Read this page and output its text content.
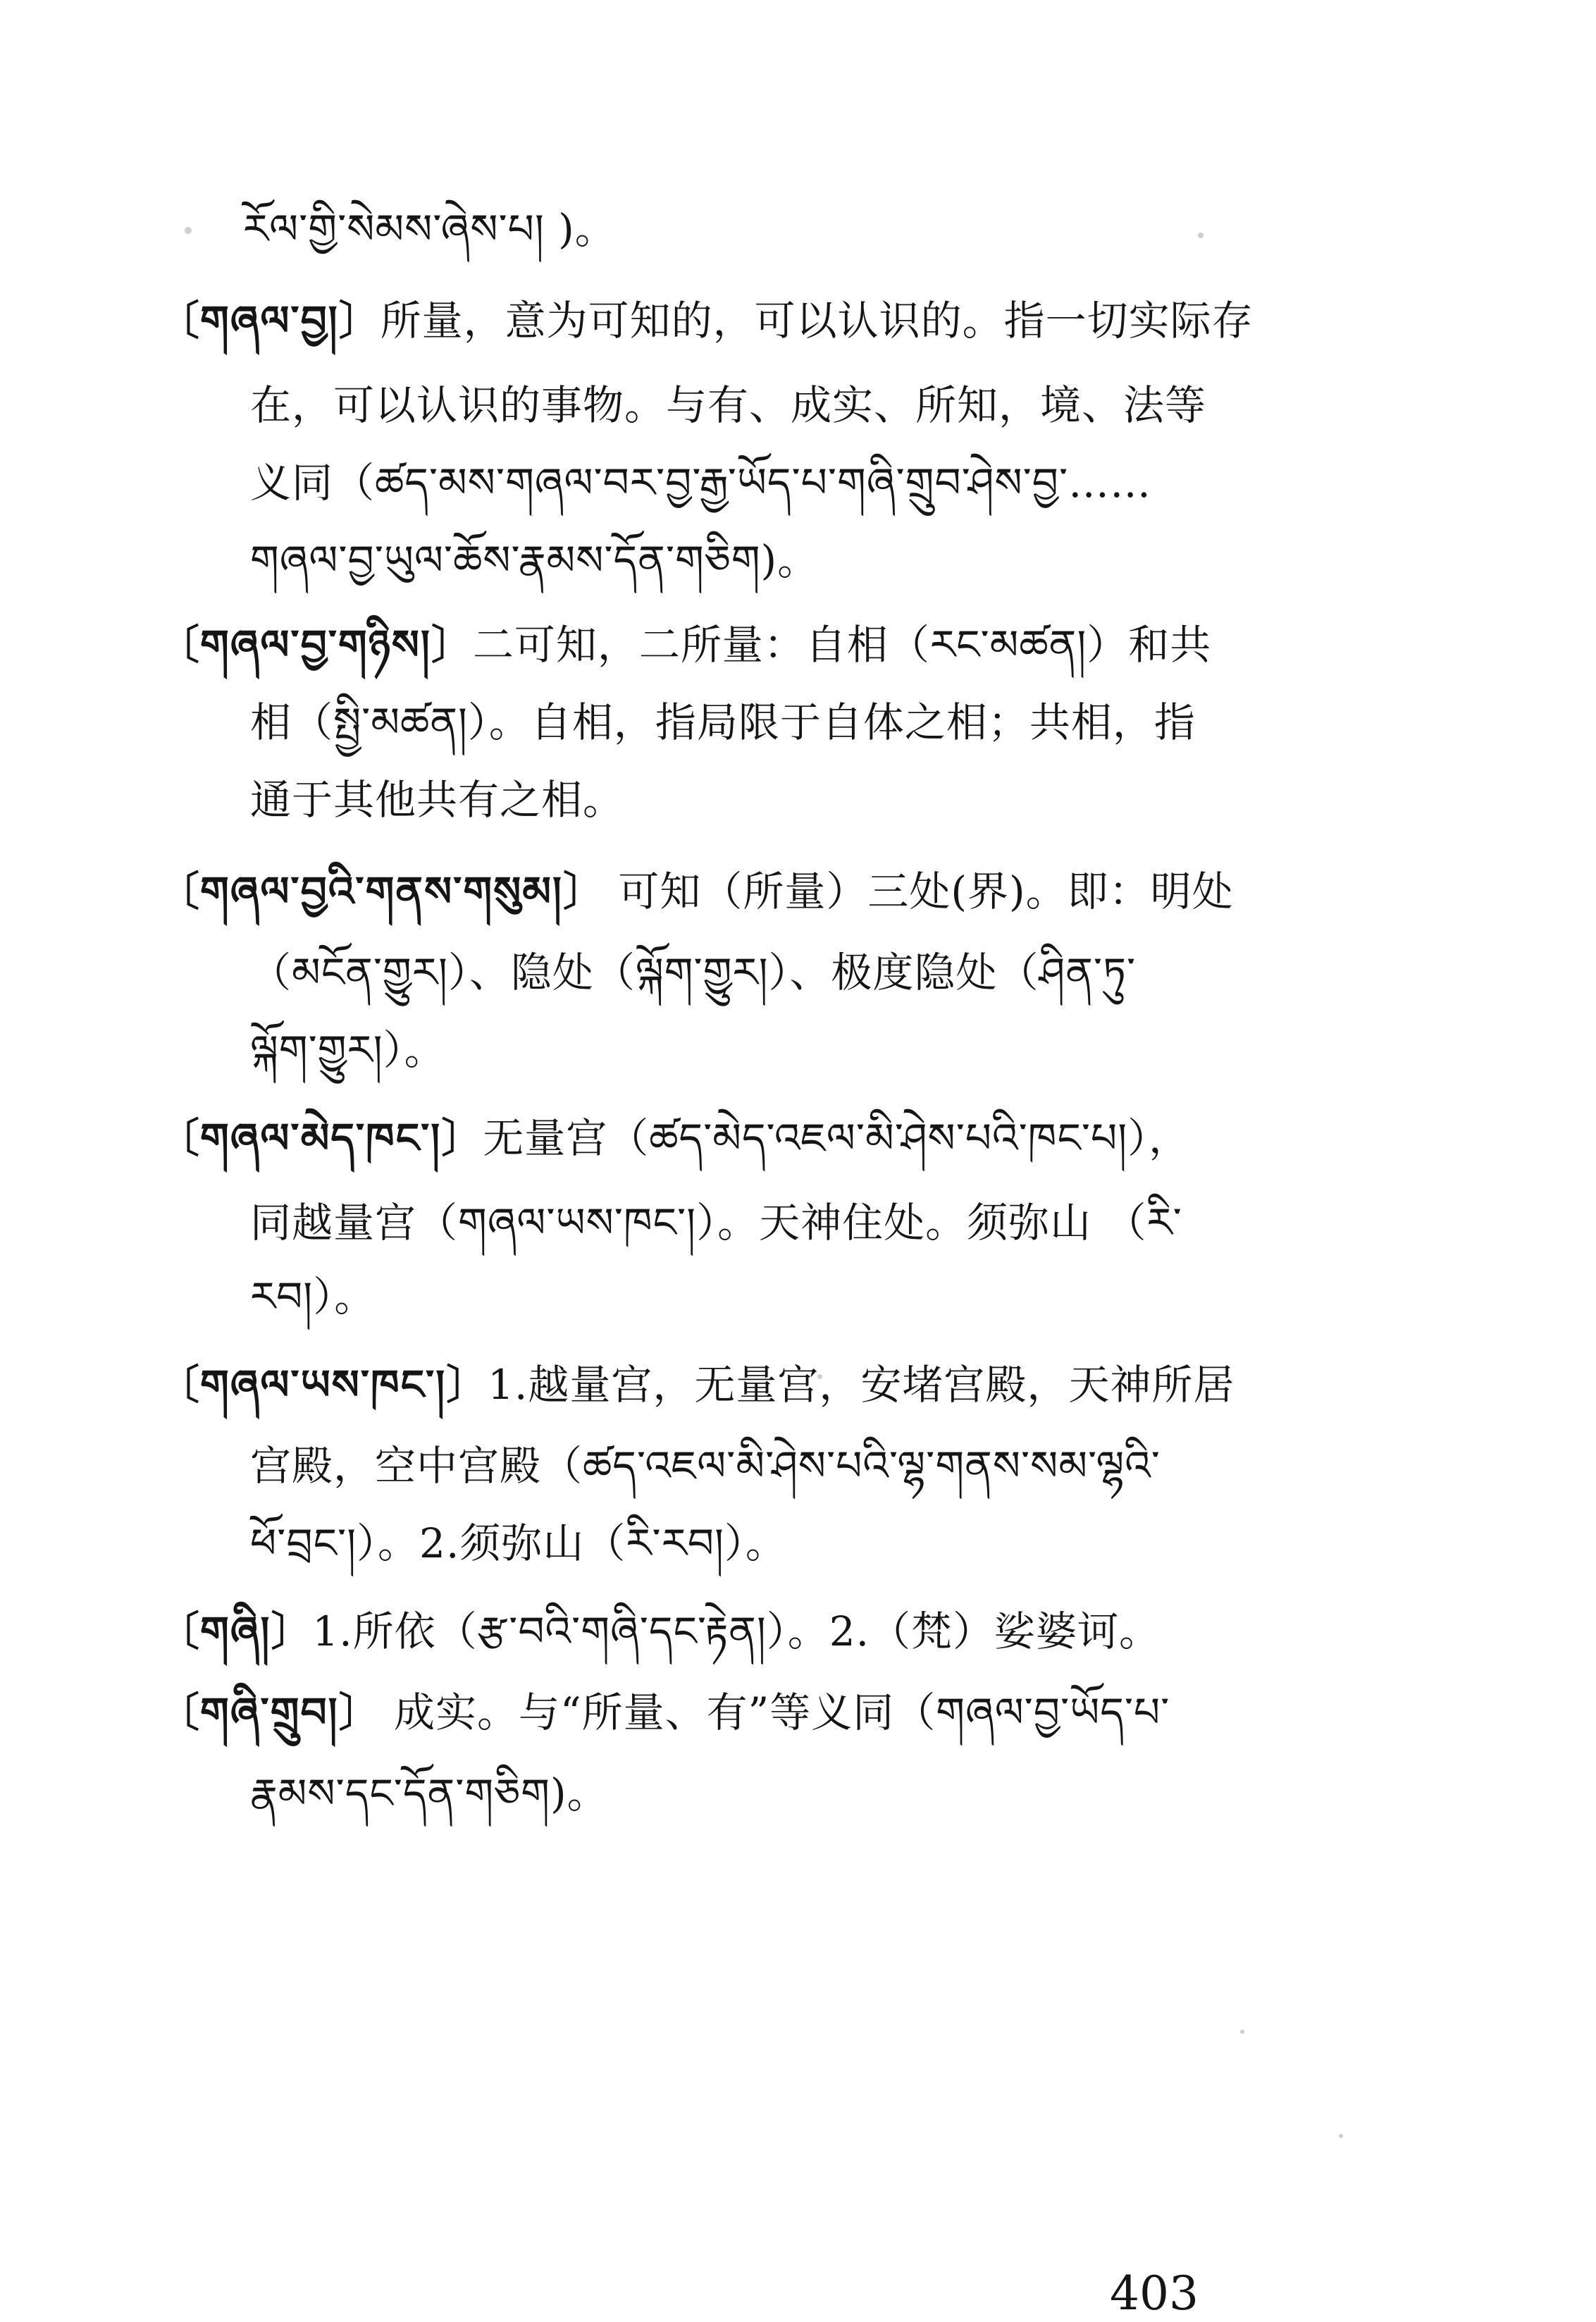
ཪོལ་གྱི་སེམས་ཞེས་པ། )。
〔གཞལ་བྱ།〕所量，意为可知的，可以认识的。指一切实际存
在，可以认识的事物。与有、成实、所知，境、法等
义同（ཚད་མས་གཞལ་བར་བྱ་རྒྱ་ཡོད་པ་གཞི་གྲུབ་ཤེས་བྱ་……
གཞལ་བྱ་ཡུལ་ཆོས་རྣམས་དོན་གཅིག)。
〔གཞལ་བྱ་གཉིས།〕二可知，二所量：自相（རང་མཚན།）和共
相（སྤྱི་མཚན།）。自相，指局限于自体之相；共相，指
通于其他共有之相。
〔གཞལ་བྱའི་གནས་གསུམ།〕 可知（所量）三处(界)。即：明处
（མངོན་གྱུར།）、隐处（ལྐོག་གྱུར།）、极度隐处（ཤིན་ཏུ་
ལྐོག་གྱུར།）。
〔གཞལ་མེད་ཁང་།〕无量宫（ཚད་མེད་འཇལ་མི་ཤེས་པའི་ཁང་པ།），
同越量宫（གཞལ་ཡས་ཁང་།）。天神住处。须弥山 （རི་
རབ།）。
〔གཞལ་ཡས་ཁང་།〕1.越量宫，无量宫，安堵宫殿，天神所居
宫殿，空中宫殿（ཚད་འཇལ་མི་ཤེས་པའི་ལྷ་གནས་སམ་ལྷའི་
ཕོ་བྲང་།）。2.须弥山（རི་རབ།）。
〔གཞི།〕1.所依（རྩ་བའི་གཞི་དང་རྟེན།）。2.（梵）娑婆诃。
〔གཞི་གྲུབ།〕 成实。与“所量、有”等义同（གཞལ་བྱ་ཡོད་པ་
རྣམས་དང་དོན་གཅིག)。
403
